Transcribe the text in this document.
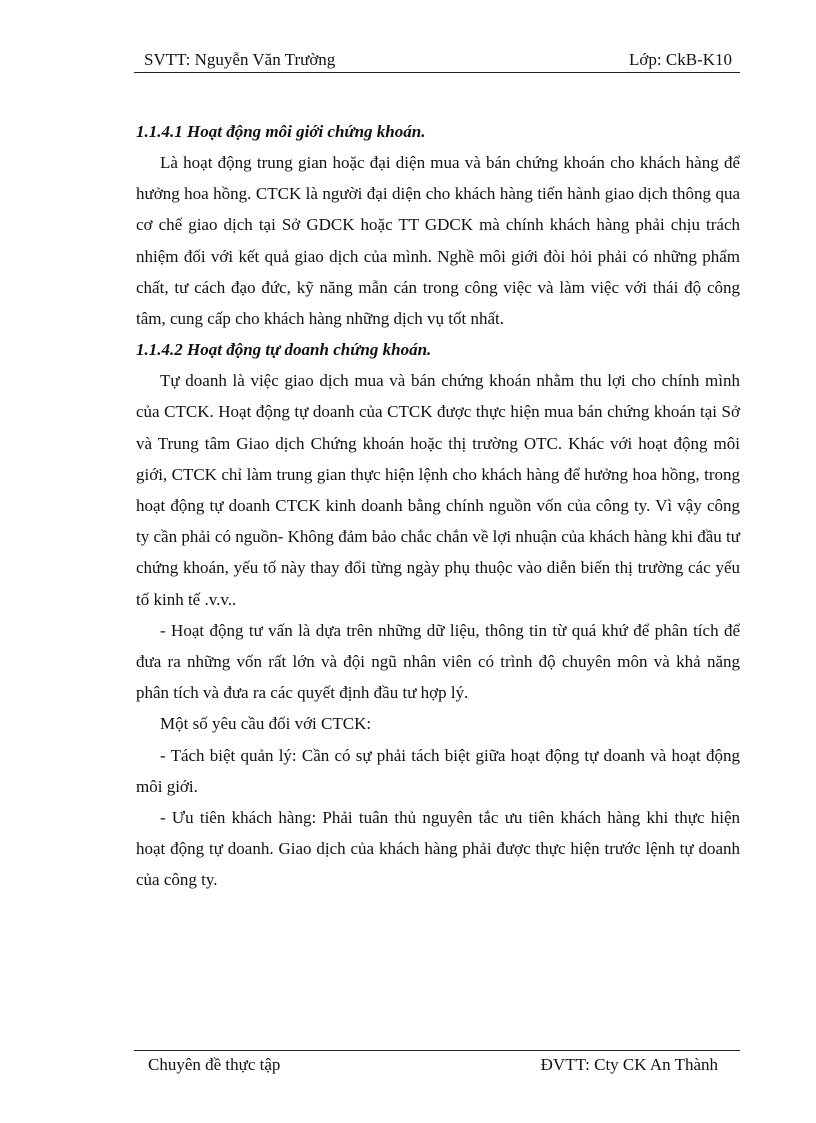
SVTT: Nguyễn Văn Trường	Lớp: CkB-K10

1.1.4.1 Hoạt động môi giới chứng khoán.

Là hoạt động trung gian hoặc đại diện mua và bán chứng khoán cho khách hàng để hưởng hoa hồng. CTCK là người đại diện cho khách hàng tiến hành giao dịch thông qua cơ chế giao dịch tại Sở GDCK hoặc TT GDCK mà chính khách hàng phải chịu trách nhiệm đối với kết quả giao dịch của mình. Nghề môi giới đòi hỏi phải có những phẩm chất, tư cách đạo đức, kỹ năng mẫn cán trong công việc và làm việc với thái độ công tâm, cung cấp cho khách hàng những dịch vụ tốt nhất.

1.1.4.2 Hoạt động tự doanh chứng khoán.

Tự doanh là việc giao dịch mua và bán chứng khoán nhằm thu lợi cho chính mình của CTCK. Hoạt động tự doanh của CTCK được thực hiện mua bán chứng khoán tại Sở và Trung tâm Giao dịch Chứng khoán hoặc thị trường OTC. Khác với hoạt động môi giới, CTCK chỉ làm trung gian thực hiện lệnh cho khách hàng để hưởng hoa hồng, trong hoạt động tự doanh CTCK kinh doanh bằng chính nguồn vốn của công ty. Vì vậy công ty cần phải có nguồn- Không đảm bảo chắc chắn về lợi nhuận của khách hàng khi đầu tư chứng khoán, yếu tố này thay đổi từng ngày phụ thuộc vào diễn biến thị trường các yếu tố kinh tế .v.v..

- Hoạt động tư vấn là dựa trên những dữ liệu, thông tin từ quá khứ để phân tích để đưa ra những vốn rất lớn và đội ngũ nhân viên có trình độ chuyên môn và khả năng phân tích và đưa ra các quyết định đầu tư hợp lý.

Một số yêu cầu đối với CTCK:

- Tách biệt quản lý: Cần có sự phải tách biệt giữa hoạt động tự doanh và hoạt động môi giới.

- Ưu tiên khách hàng: Phải tuân thủ nguyên tắc ưu tiên khách hàng khi thực hiện hoạt động tự doanh. Giao dịch của khách hàng phải được thực hiện trước lệnh tự doanh của công ty.

Chuyên đề thực tập	ĐVTT: Cty CK An Thành
